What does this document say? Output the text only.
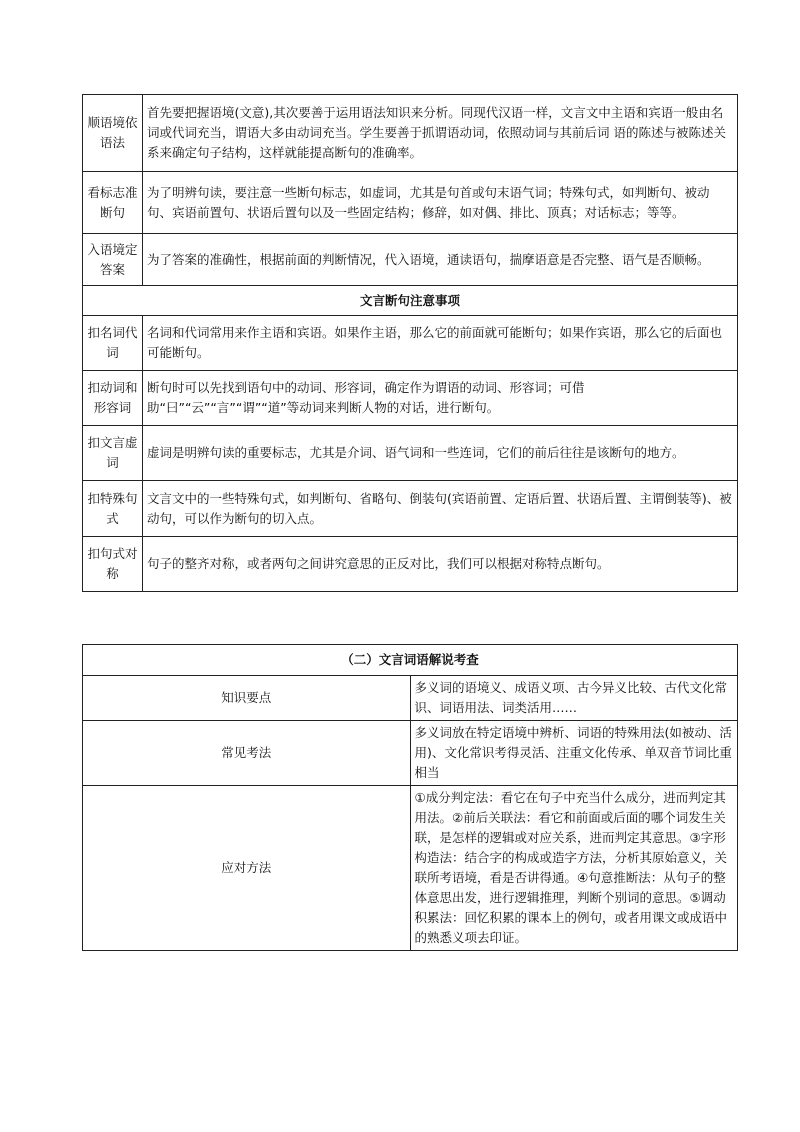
顺语境依语法	首先要把握语境(文意),其次要善于运用语法知识来分析。同现代汉语一样，文言文中主语和宾语一般由名词或代词充当，谓语大多由动词充当。学生要善于抓谓语动词，依照动词与其前后词 语的陈述与被陈述关系来确定句子结构，这样就能提高断句的准确率。
看标志准断句	为了明辨句读，要注意一些断句标志，如虚词，尤其是句首或句末语气词；特殊句式，如判断句、被动句、宾语前置句、状语后置句以及一些固定结构；修辞，如对偶、排比、顶真；对话标志；等等。
入语境定答案	为了答案的准确性，根据前面的判断情况，代入语境，通读语句，揣摩语意是否完整、语气是否顺畅。
文言断句注意事项	
扣名词代词	名词和代词常用来作主语和宾语。如果作主语，那么它的前面就可能断句；如果作宾语，那么它的后面也可能断句。
扣动词和形容词	断句时可以先找到语句中的动词、形容词，确定作为谓语的动词、形容词；可借助“曰”“云”“言”“谓”“道”等动词来判断人物的对话，进行断句。
扣文言虚词	虚词是明辨句读的重要标志，尤其是介词、语气词和一些连词，它们的前后往往是该断句的地方。
扣特殊句式	文言文中的一些特殊句式，如判断句、省略句、倒装句(宾语前置、定语后置、状语后置、主谓倒装等)、被动句，可以作为断句的切入点。
扣句式对称	句子的整齐对称，或者两句之间讲究意思的正反对比，我们可以根据对称特点断句。
（二）文言词语解说考查	
知识要点	多义词的语境义、成语义项、古今异义比较、古代文化常识、词语用法、词类活用……
常见考法	多义词放在特定语境中辨析、词语的特殊用法(如被动、活用)、文化常识考得灵活、注重文化传承、单双音节词比重相当
应对方法	①成分判定法：看它在句子中充当什么成分，进而判定其用法。②前后关联法：看它和前面或后面的哪个词发生关联，是怎样的逻辑或对应关系，进而判定其意思。③字形构造法：结合字的构成或造字方法，分析其原始意义，关联所考语境，看是否讲得通。④句意推断法：从句子的整体意思出发，进行逻辑推理，判断个别词的意思。⑤调动积累法：回忆积累的课本上的例句，或者用课文或成语中的熟悉义项去印证。
